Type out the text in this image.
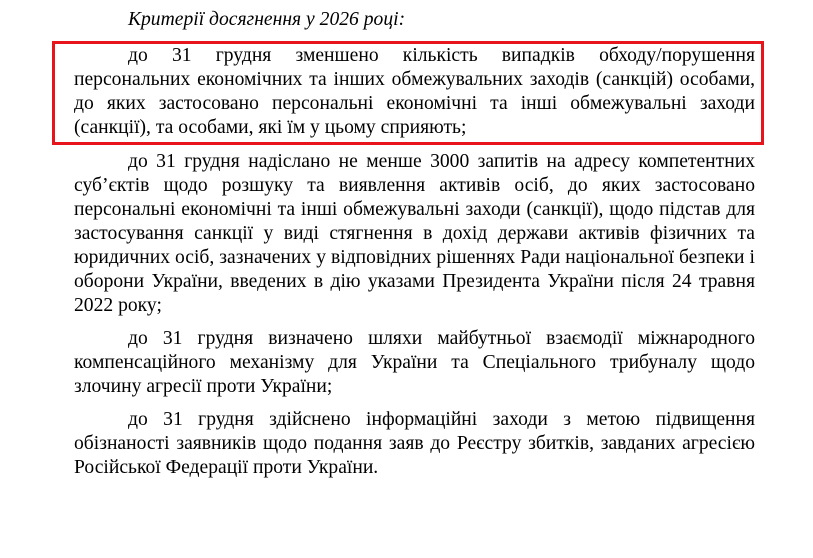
Критерії досягнення у 2026 році:

до 31 грудня зменшено кількість випадків обходу/порушення персональних економічних та інших обмежувальних заходів (санкцій) особами, до яких застосовано персональні економічні та інші обмежувальні заходи (санкції), та особами, які їм у цьому сприяють;

до 31 грудня надіслано не менше 3000 запитів на адресу компетентних суб’єктів щодо розшуку та виявлення активів осіб, до яких застосовано персональні економічні та інші обмежувальні заходи (санкції), щодо підстав для застосування санкції у виді стягнення в дохід держави активів фізичних та юридичних осіб, зазначених у відповідних рішеннях Ради національної безпеки і оборони України, введених в дію указами Президента України після 24 травня 2022 року;

до 31 грудня визначено шляхи майбутньої взаємодії міжнародного компенсаційного механізму для України та Спеціального трибуналу щодо злочину агресії проти України;

до 31 грудня здійснено інформаційні заходи з метою підвищення обізнаності заявників щодо подання заяв до Реєстру збитків, завданих агресією Російської Федерації проти України.
